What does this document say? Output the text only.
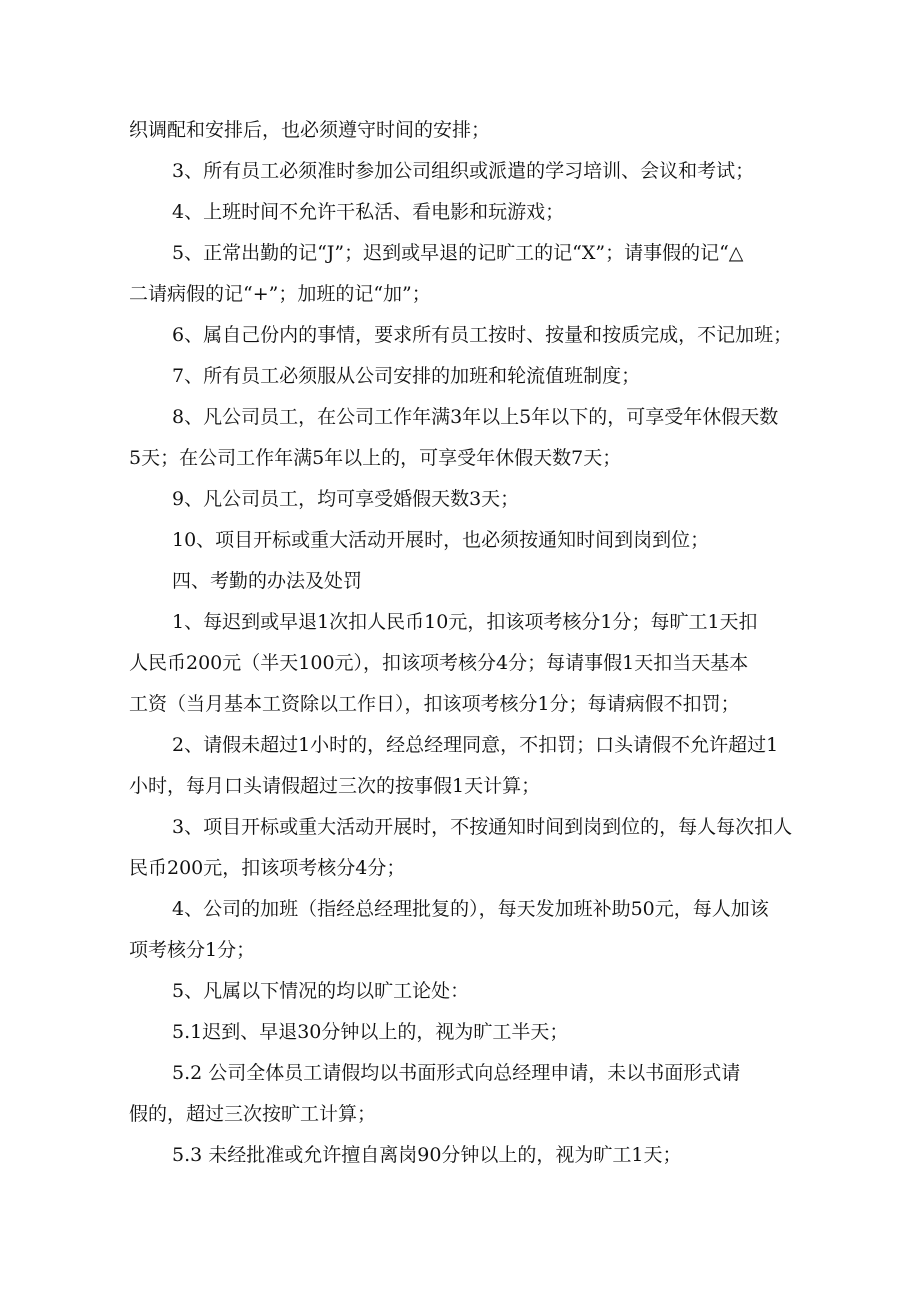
织调配和安排后，也必须遵守时间的安排；
3、所有员工必须准时参加公司组织或派遣的学习培训、会议和考试；
4、上班时间不允许干私活、看电影和玩游戏；
5、正常出勤的记“J”；迟到或早退的记旷工的记“X”；请事假的记“△
二请病假的记“+”；加班的记“加”；
6、属自己份内的事情，要求所有员工按时、按量和按质完成，不记加班；
7、所有员工必须服从公司安排的加班和轮流值班制度；
8、凡公司员工，在公司工作年满3年以上5年以下的，可享受年休假天数
5天；在公司工作年满5年以上的，可享受年休假天数7天；
9、凡公司员工，均可享受婚假天数3天；
10、项目开标或重大活动开展时，也必须按通知时间到岗到位；
四、考勤的办法及处罚
1、每迟到或早退1次扣人民币10元，扣该项考核分1分；每旷工1天扣
人民币200元（半天100元），扣该项考核分4分；每请事假1天扣当天基本
工资（当月基本工资除以工作日），扣该项考核分1分；每请病假不扣罚；
2、请假未超过1小时的，经总经理同意，不扣罚；口头请假不允许超过1
小时，每月口头请假超过三次的按事假1天计算；
3、项目开标或重大活动开展时，不按通知时间到岗到位的，每人每次扣人
民币200元，扣该项考核分4分；
4、公司的加班（指经总经理批复的），每天发加班补助50元，每人加该
项考核分1分；
5、凡属以下情况的均以旷工论处：
5.1迟到、早退30分钟以上的，视为旷工半天；
5.2 公司全体员工请假均以书面形式向总经理申请，未以书面形式请
假的，超过三次按旷工计算；
5.3 未经批准或允许擅自离岗90分钟以上的，视为旷工1天；
